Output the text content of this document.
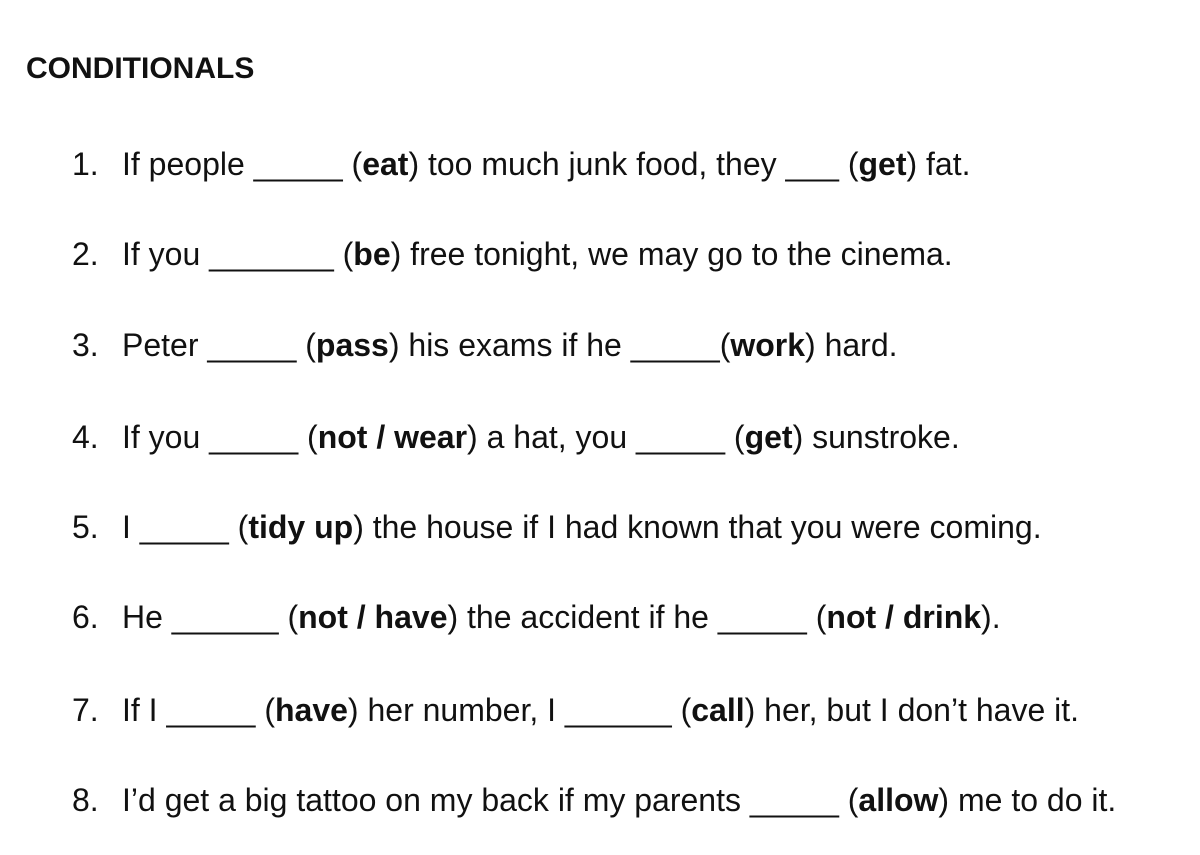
CONDITIONALS
1. If people _____ (eat) too much junk food, they ___ (get) fat.
2. If you _______ (be) free tonight, we may go to the cinema.
3. Peter _____ (pass) his exams if he _____(work) hard.
4. If you _____ (not / wear) a hat, you _____ (get) sunstroke.
5. I _____ (tidy up) the house if I had known that you were coming.
6. He ______ (not / have) the accident if he _____ (not / drink).
7. If I _____ (have) her number, I ______ (call) her, but I don’t have it.
8. I’d get a big tattoo on my back if my parents _____ (allow) me to do it.
